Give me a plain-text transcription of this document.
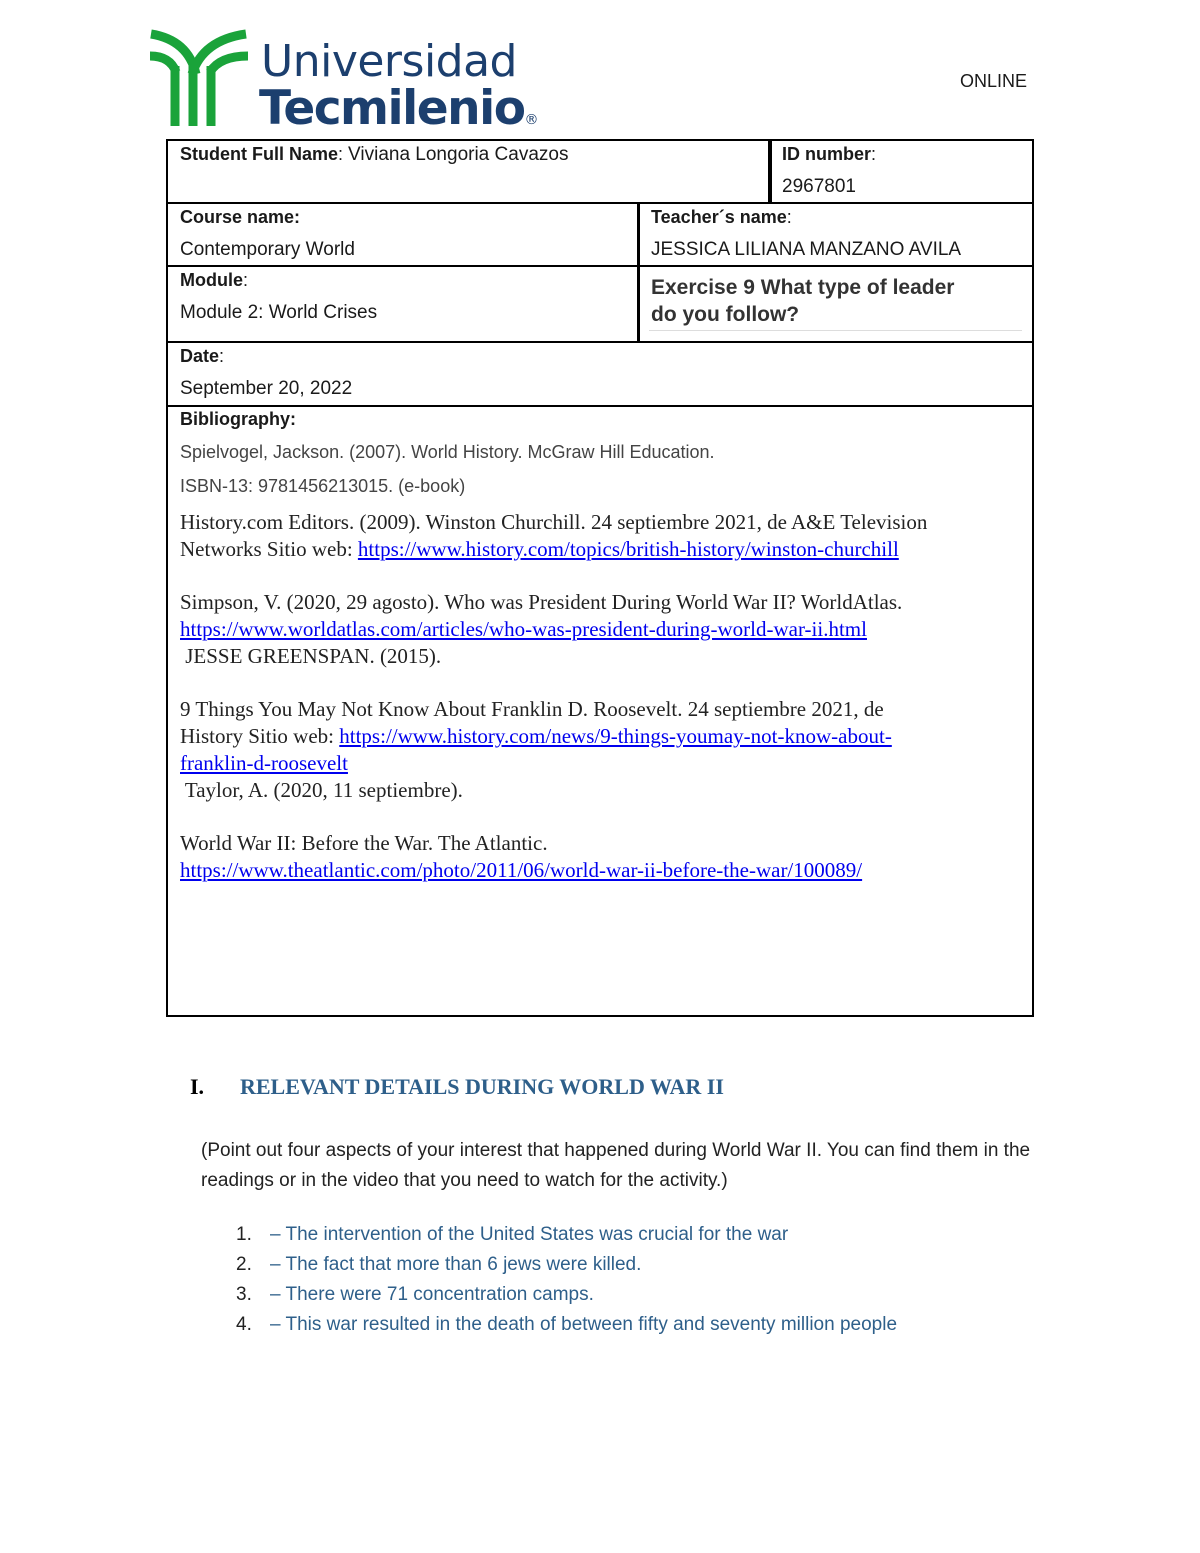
Universidad
Tecmilenio®
ONLINE
Student Full Name: Viviana Longoria Cavazos	ID number:
2967801
Course name:
Contemporary World
Teacher´s name:
JESSICA LILIANA MANZANO AVILA
Module:
Module 2: World Crises
Exercise 9 What type of leader
do you follow?
Date:
September 20, 2022
Bibliography:
Spielvogel, Jackson. (2007). World History. McGraw Hill Education.
ISBN-13: 9781456213015. (e-book)
History.com Editors. (2009). Winston Churchill. 24 septiembre 2021, de A&E Television
Networks Sitio web: https://www.history.com/topics/british-history/winston-churchill
Simpson, V. (2020, 29 agosto). Who was President During World War II? WorldAtlas.
https://www.worldatlas.com/articles/who-was-president-during-world-war-ii.html
JESSE GREENSPAN. (2015).
9 Things You May Not Know About Franklin D. Roosevelt. 24 septiembre 2021, de
History Sitio web: https://www.history.com/news/9-things-youmay-not-know-about-
franklin-d-roosevelt
Taylor, A. (2020, 11 septiembre).
World War II: Before the War. The Atlantic.
https://www.theatlantic.com/photo/2011/06/world-war-ii-before-the-war/100089/
I. RELEVANT DETAILS DURING WORLD WAR II
(Point out four aspects of your interest that happened during World War II. You can find them in the readings or in the video that you need to watch for the activity.)
1. – The intervention of the United States was crucial for the war
2. – The fact that more than 6 jews were killed.
3. – There were 71 concentration camps.
4. – This war resulted in the death of between fifty and seventy million people
